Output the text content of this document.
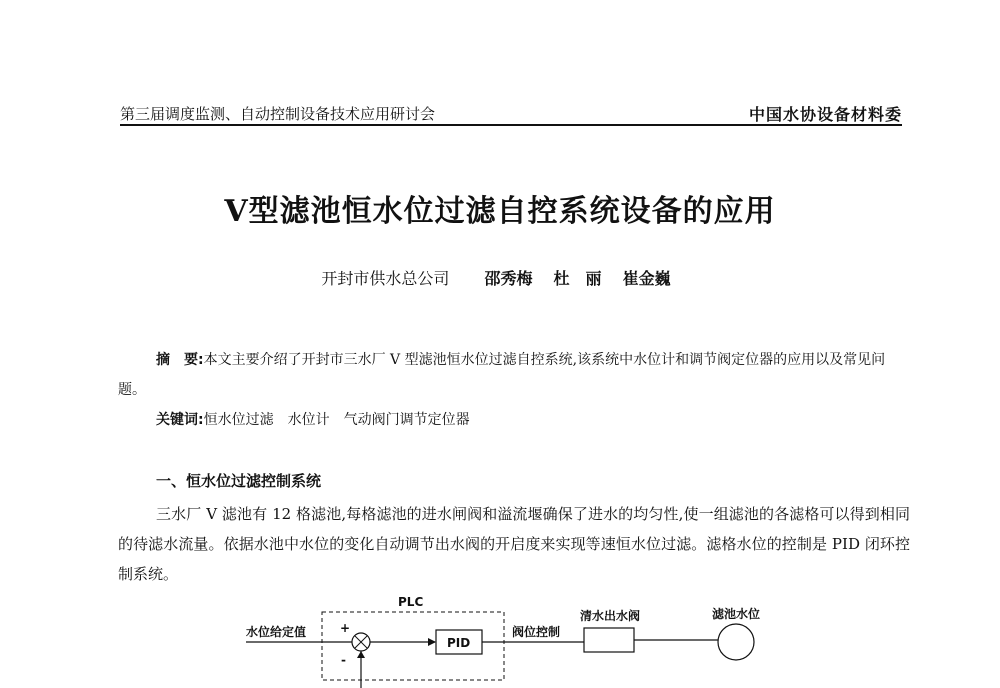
第三届调度监测、自动控制设备技术应用研讨会	中国水协设备材料委
V型滤池恒水位过滤自控系统设备的应用
开封市供水总公司 邵秀梅 杜　丽 崔金巍
摘　要:本文主要介绍了开封市三水厂 V 型滤池恒水位过滤自控系统,该系统中水位计和调节阀定位器的应用以及常见问题。
关键词:恒水位过滤　水位计　气动阀门调节定位器
一、恒水位过滤控制系统
三水厂 V 滤池有 12 格滤池,每格滤池的进水闸阀和溢流堰确保了进水的均匀性,使一组滤池的各滤格可以得到相同的待滤水流量。依据水池中水位的变化自动调节出水阀的开启度来实现等速恒水位过滤。滤格水位的控制是 PID 闭环控制系统。
PLC
水位给定值	+
-
PID
阀位控制
清水出水阀	滤池水位
